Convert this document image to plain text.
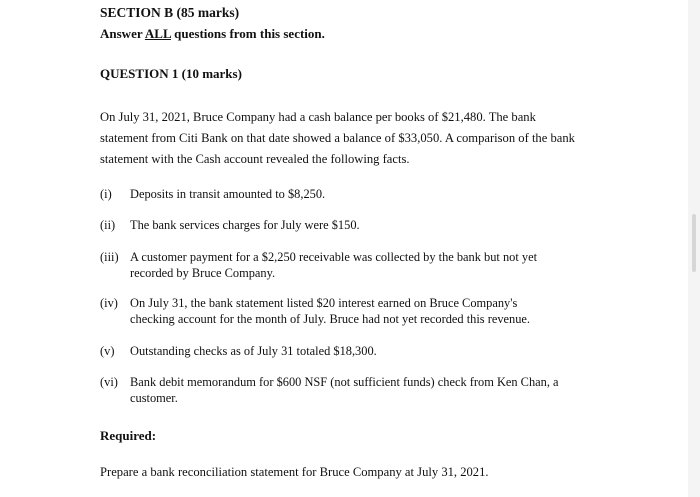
SECTION B (85 marks)
Answer ALL questions from this section.
QUESTION 1 (10 marks)
On July 31, 2021, Bruce Company had a cash balance per books of $21,480. The bank
statement from Citi Bank on that date showed a balance of $33,050. A comparison of the bank
statement with the Cash account revealed the following facts.
(i) Deposits in transit amounted to $8,250.
(ii) The bank services charges for July were $150.
(iii) A customer payment for a $2,250 receivable was collected by the bank but not yet
recorded by Bruce Company.
(iv) On July 31, the bank statement listed $20 interest earned on Bruce Company's
checking account for the month of July. Bruce had not yet recorded this revenue.
(v) Outstanding checks as of July 31 totaled $18,300.
(vi) Bank debit memorandum for $600 NSF (not sufficient funds) check from Ken Chan, a
customer.
Required:
Prepare a bank reconciliation statement for Bruce Company at July 31, 2021.
